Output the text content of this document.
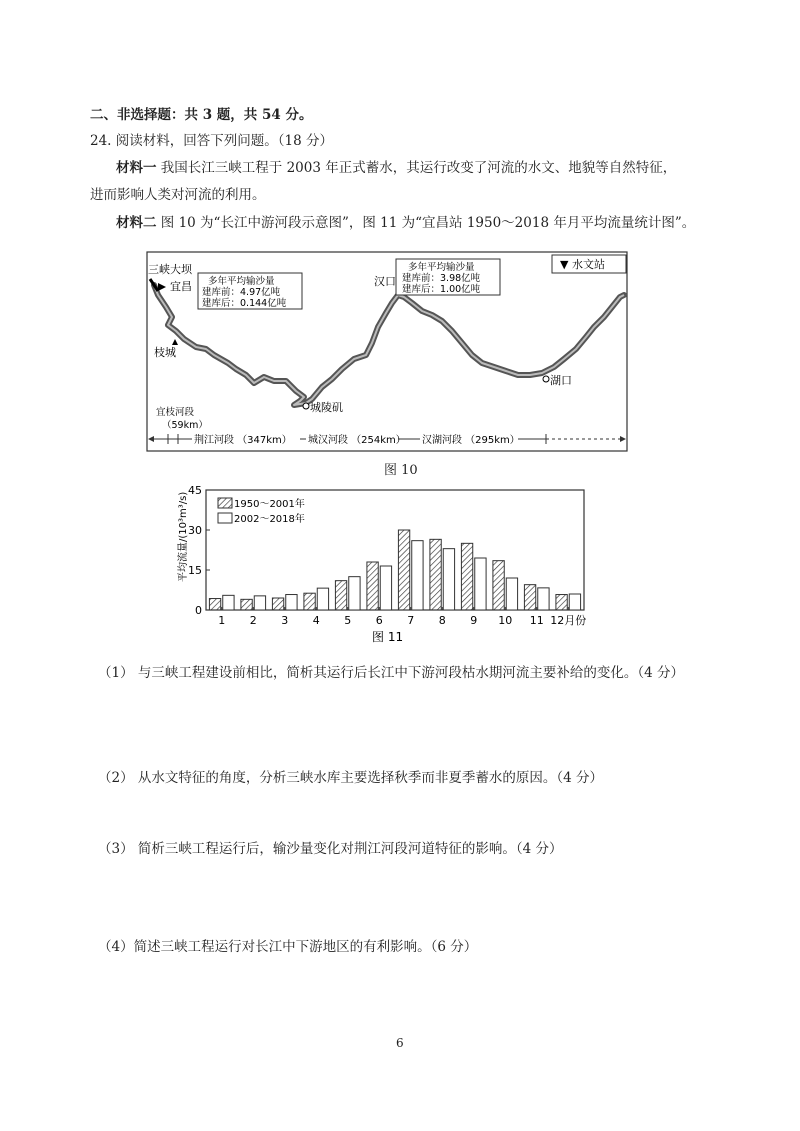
二、非选择题：共 3 题，共 54 分。
24. 阅读材料，回答下列问题。（18 分）
材料一 我国长江三峡工程于 2003 年正式蓄水，其运行改变了河流的水文、地貌等自然特征，
进而影响人类对河流的利用。
材料二 图 10 为“长江中游河段示意图”，图 11 为“宜昌站 1950～2018 年月平均流量统计图”。
三峡大坝
宜昌
枝城
城陵矶
汉口
湖口
多年平均输沙量
建库前：4.97亿吨
建库后：0.144亿吨
多年平均输沙量
建库前：3.98亿吨
建库后：1.00亿吨
▼ 水文站
宜枝河段
（59km）
荆江河段 （347km） 城汉河段 （254km） 汉湖河段 （295km）
图 10
平均流量/(10³m³/s)
0
15
30
45
1 2 3 4 5 6 7 8 9 10 11 12月份
1950～2001年
2002～2018年
图 11
（1） 与三峡工程建设前相比，简析其运行后长江中下游河段枯水期河流主要补给的变化。（4 分）
（2） 从水文特征的角度，分析三峡水库主要选择秋季而非夏季蓄水的原因。（4 分）
（3） 简析三峡工程运行后，输沙量变化对荆江河段河道特征的影响。（4 分）
（4）简述三峡工程运行对长江中下游地区的有利影响。（6 分）
6
